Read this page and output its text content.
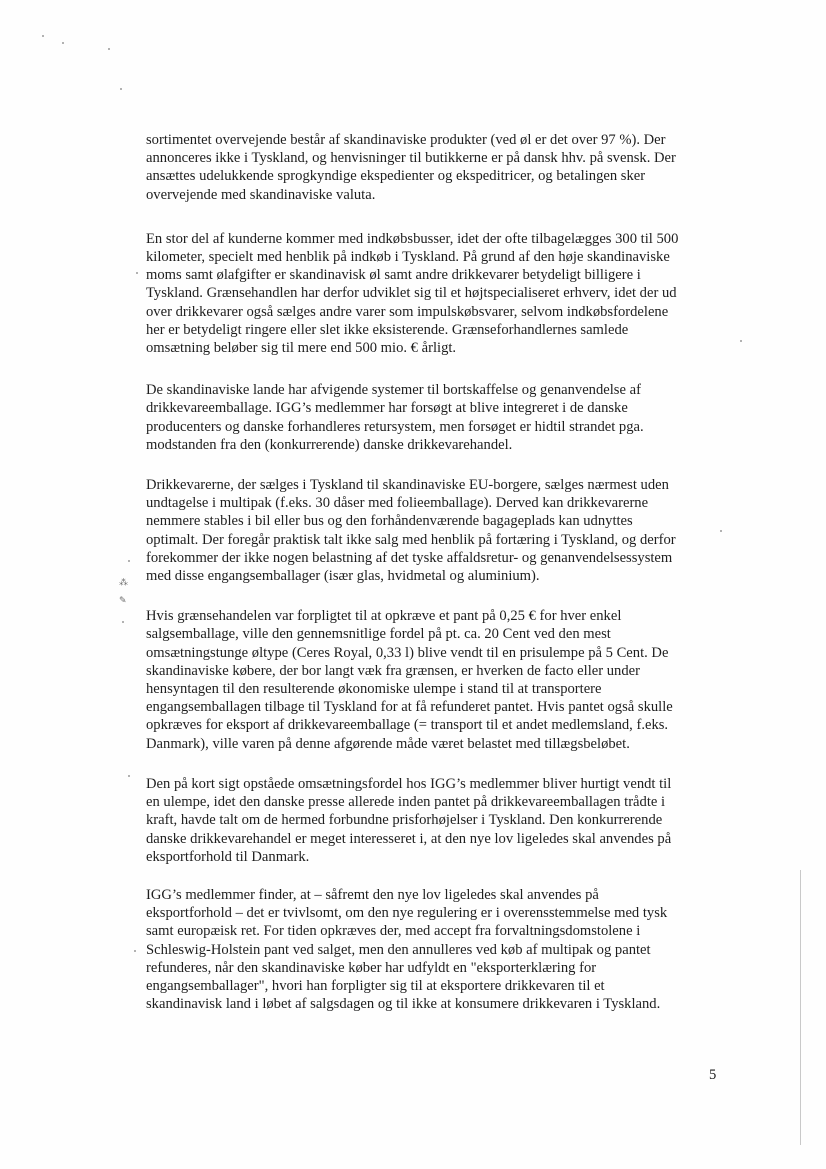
sortimentet overvejende består af skandinaviske produkter (ved øl er det over 97 %). Der
annonceres ikke i Tyskland, og henvisninger til butikkerne er på dansk hhv. på svensk. Der
ansættes udelukkende sprogkyndige ekspedienter og ekspeditricer, og betalingen sker
overvejende med skandinaviske valuta.

En stor del af kunderne kommer med indkøbsbusser, idet der ofte tilbagelægges 300 til 500
kilometer, specielt med henblik på indkøb i Tyskland. På grund af den høje skandinaviske
moms samt ølafgifter er skandinavisk øl samt andre drikkevarer betydeligt billigere i
Tyskland. Grænsehandlen har derfor udviklet sig til et højtspecialiseret erhverv, idet der ud
over drikkevarer også sælges andre varer som impulskøbsvarer, selvom indkøbsfordelene
her er betydeligt ringere eller slet ikke eksisterende. Grænseforhandlernes samlede
omsætning beløber sig til mere end 500 mio. € årligt.

De skandinaviske lande har afvigende systemer til bortskaffelse og genanvendelse af
drikkevareemballage. IGG’s medlemmer har forsøgt at blive integreret i de danske
producenters og danske forhandleres retursystem, men forsøget er hidtil strandet pga.
modstanden fra den (konkurrerende) danske drikkevarehandel.

Drikkevarerne, der sælges i Tyskland til skandinaviske EU-borgere, sælges nærmest uden
undtagelse i multipak (f.eks. 30 dåser med folieemballage). Derved kan drikkevarerne
nemmere stables i bil eller bus og den forhåndenværende bagageplads kan udnyttes
optimalt. Der foregår praktisk talt ikke salg med henblik på fortæring i Tyskland, og derfor
forekommer der ikke nogen belastning af det tyske affaldsretur- og genanvendelsessystem
med disse engangsemballager (især glas, hvidmetal og aluminium).

Hvis grænsehandelen var forpligtet til at opkræve et pant på 0,25 € for hver enkel
salgsemballage, ville den gennemsnitlige fordel på pt. ca. 20 Cent ved den mest
omsætningstunge øltype (Ceres Royal, 0,33 l) blive vendt til en prisulempe på 5 Cent. De
skandinaviske købere, der bor langt væk fra grænsen, er hverken de facto eller under
hensyntagen til den resulterende økonomiske ulempe i stand til at transportere
engangsemballagen tilbage til Tyskland for at få refunderet pantet. Hvis pantet også skulle
opkræves for eksport af drikkevareemballage (= transport til et andet medlemsland, f.eks.
Danmark), ville varen på denne afgørende måde været belastet med tillægsbeløbet.

Den på kort sigt opståede omsætningsfordel hos IGG’s medlemmer bliver hurtigt vendt til
en ulempe, idet den danske presse allerede inden pantet på drikkevareemballagen trådte i
kraft, havde talt om de hermed forbundne prisforhøjelser i Tyskland. Den konkurrerende
danske drikkevarehandel er meget interesseret i, at den nye lov ligeledes skal anvendes på
eksportforhold til Danmark.

IGG’s medlemmer finder, at – såfremt den nye lov ligeledes skal anvendes på
eksportforhold – det er tvivlsomt, om den nye regulering er i overensstemmelse med tysk
samt europæisk ret. For tiden opkræves der, med accept fra forvaltningsdomstolene i
Schleswig-Holstein pant ved salget, men den annulleres ved køb af multipak og pantet
refunderes, når den skandinaviske køber har udfyldt en "eksporterklæring for
engangsemballager", hvori han forpligter sig til at eksportere drikkevaren til et
skandinavisk land i løbet af salgsdagen og til ikke at konsumere drikkevaren i Tyskland.

5
⁂
✎
